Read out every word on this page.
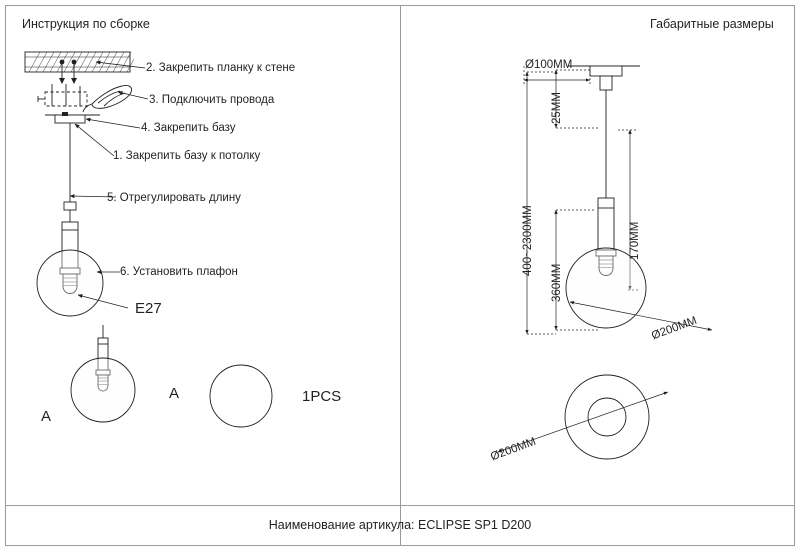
Инструкция по сборке	Габаритные размеры
2. Закрепить планку к стене
3. Подключить провода
4. Закрепить базу
1. Закрепить базу к потолку
5. Отрегулировать длину
6. Установить плафон
E27
A
A	1PCS
Ø100MM
25MM
400~2300MM	170MM
360MM
Ø200MM
Ø200MM
Наименование артикула: ECLIPSE SP1 D200
